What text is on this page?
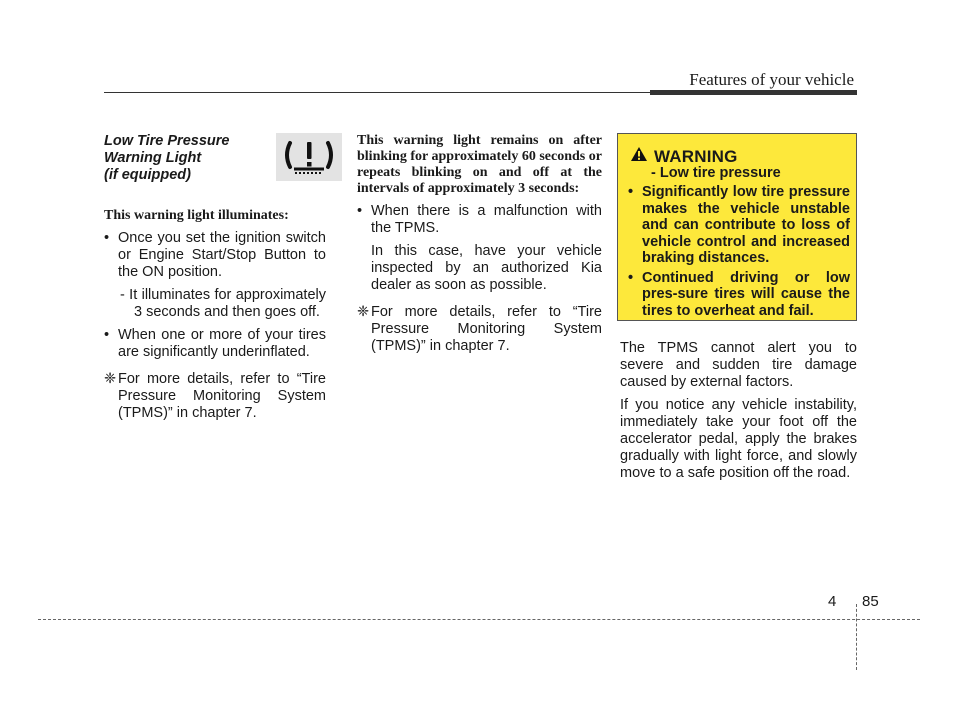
Features of your vehicle
Low Tire Pressure
Warning Light
(if equipped)

This warning light illuminates:

• Once you set the ignition switch or Engine Start/Stop Button to the ON position.

- It illuminates for approximately 3 seconds and then goes off.

• When one or more of your tires are significantly underinflated.

❈ For more details, refer to “Tire Pressure Monitoring System (TPMS)” in chapter 7.

This warning light remains on after blinking for approximately 60 seconds or repeats blinking on and off at the intervals of approximately 3 seconds:

• When there is a malfunction with the TPMS.

In this case, have your vehicle inspected by an authorized Kia dealer as soon as possible.

❈ For more details, refer to “Tire Pressure Monitoring System (TPMS)” in chapter 7.

WARNING
- Low tire pressure

• Significantly low tire pressure makes the vehicle unstable and can contribute to loss of vehicle control and increased braking distances.

• Continued driving or low pres-sure tires will cause the tires to overheat and fail.

The TPMS cannot alert you to severe and sudden tire damage caused by external factors.

If you notice any vehicle instability, immediately take your foot off the accelerator pedal, apply the brakes gradually with light force, and slowly move to a safe position off the road.

4 85
